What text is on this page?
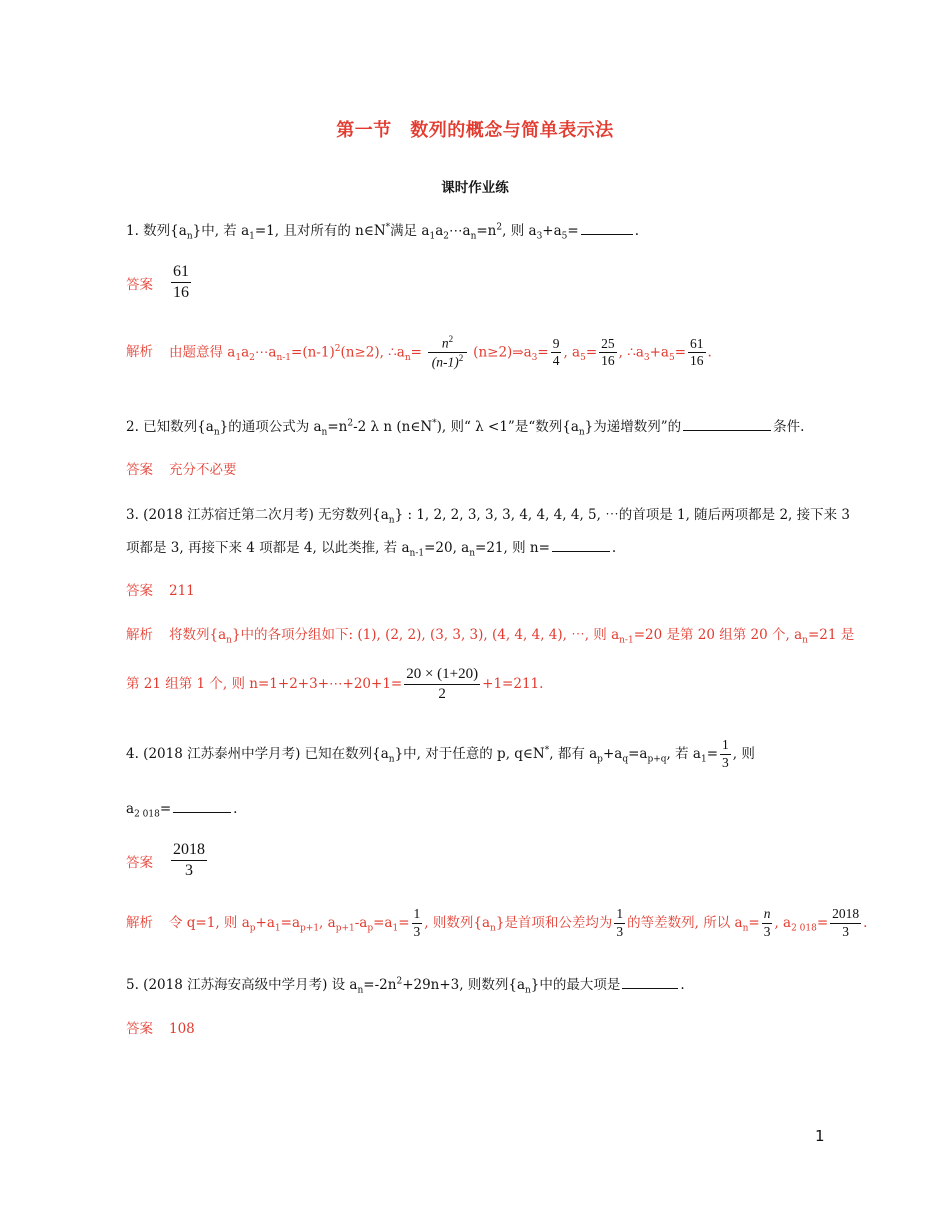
第一节　数列的概念与简单表示法
课时作业练
1. 数列$\{a_n\}$中, 若 $a_1=1$, 且对所有的 n∈N*满足 $a_1a_2\cdots a_n=n^2$, 则 $a_3+a_5=$	.
答案 $\frac{61}{16}$
解析 由题意得 $a_1a_2\cdots a_{n-1}=(n-1)^2(n\ge 2)$, $\therefore a_n= \frac{n^2}{(n-1)^2}$ $(n\ge 2)\Rightarrow a_3= \frac{9}{4}$ , $a_5= \frac{25}{16}$ , $\therefore a_3+a_5= \frac{61}{16}$ .
2. 已知数列$\{a_n\}$的通项公式为 $a_n=n^2-2$ λ n (n∈N*), 则“ λ <1”是“数列$\{a_n\}$为递增数列”的	条件.
答案 充分不必要
3. (2018 江苏宿迁第二次月考) 无穷数列$\{a_n\}$ : 1, 2, 2, 3, 3, 3, 4, 4, 4, 4, 5, ⋯的首项是 1, 随后两项都是 2, 接下来 3
项都是 3, 再接下来 4 项都是 4, 以此类推, 若 $a_{n-1}=20$, $a_n=21$, 则 n=	.
答案 211
解析 将数列$\{a_n\}$中的各项分组如下: (1), (2, 2), (3, 3, 3), (4, 4, 4, 4), ⋯, 则 $a_{n-1}=20$ 是第 20 组第 20 个, $a_n=21$ 是
第 21 组第 1 个, 则 n=1+2+3+⋯+20+1= $\frac{20 \times (1+20)}{2} +1=211$.
4. (2018 江苏泰州中学月考) 已知在数列$\{a_n\}$中, 对于任意的 p, q∈N*, 都有 $a_p+a_q=a_{p+q}$, 若 $a_1= \frac{1}{3}$ , 则
$a_{2 018}=$	.
答案 $\frac{2018}{3}$
解析 令 q=1, 则 $a_p+a_1=a_{p+1}$, $a_{p+1}-a_p=a_1= \frac{1}{3}$ , 则数列$\{a_n\}$是首项和公差均为 $\frac{1}{3}$ 的等差数列, 所以 $a_n= \frac{n}{3}$ , $a_{2 018}= \frac{2018}{3}$ .
5. (2018 江苏海安高级中学月考) 设 $a_n=-2n^2+29n+3$, 则数列$\{a_n\}$中的最大项是	.
答案 108
1
